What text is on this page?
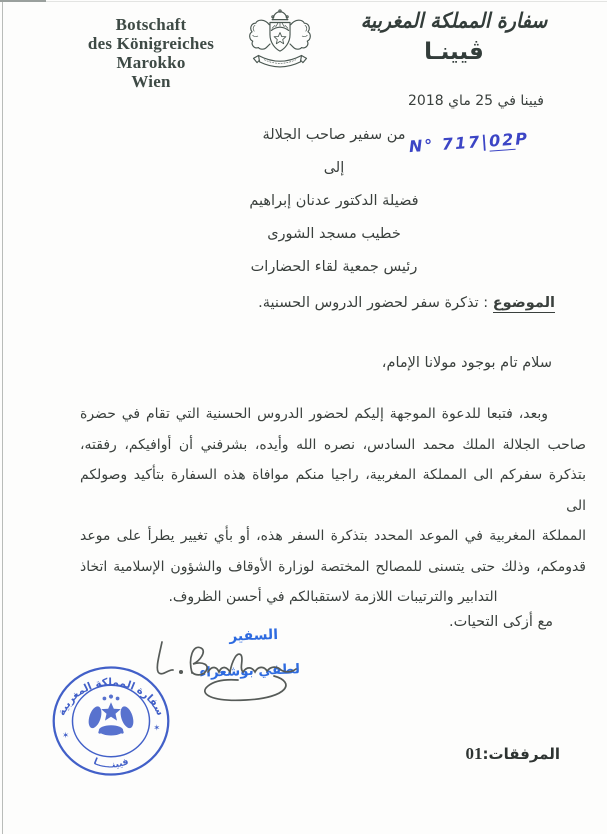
Botschaft
des Königreiches
Marokko
Wien
سفارة المملكة المغربية
ڤيينـا
فيينا في 25 ماي 2018
N° 717|02P
من سفير صاحب الجلالة
إلى
فضيلة الدكتور عدنان إبراهيم
خطيب مسجد الشورى
رئيس جمعية لقاء الحضارات
الموضوع : تذكرة سفر لحضور الدروس الحسنية.
سلام تام بوجود مولانا الإمام،
وبعد، فتبعا للدعوة الموجهة إليكم لحضور الدروس الحسنية التي تقام في حضرة
صاحب الجلالة الملك محمد السادس، نصره الله وأيده، بشرفني أن أوافيكم، رفقته،
بتذكرة سفركم الى المملكة المغربية، راجيا منكم موافاة هذه السفارة بتأكيد وصولكم الى
المملكة المغربية في الموعد المحدد بتذكرة السفر هذه، أو بأي تغيير يطرأ على موعد
قدومكم، وذلك حتى يتسنى للمصالح المختصة لوزارة الأوقاف والشؤون الإسلامية اتخاذ
التدابير والترتيبات اللازمة لاستقبالكم في أحسن الظروف.
مع أزكى التحيات.
السفير
لطفي بوشعراء
سفارة المملكة المغربية
فيينـــــا
✶
✶
المرفقات:01
